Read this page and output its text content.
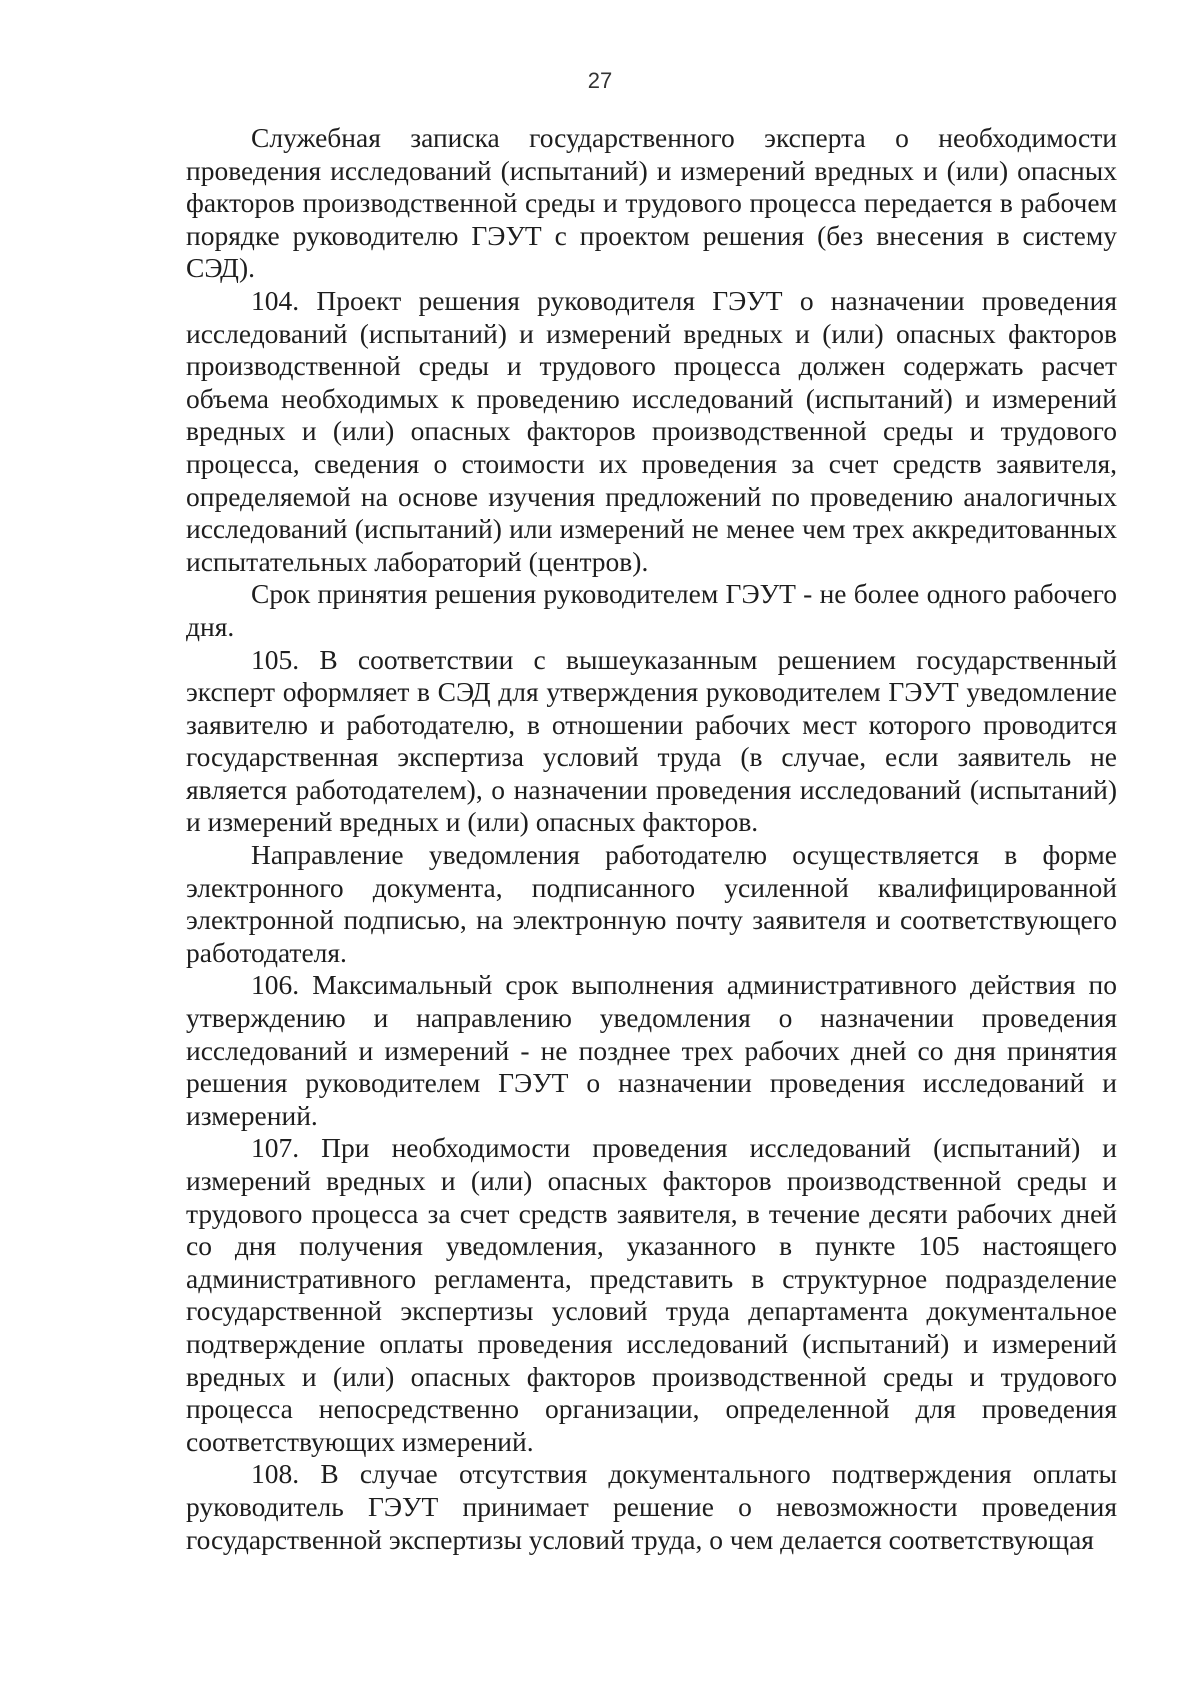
27

Служебная записка государственного эксперта о необходимости проведения исследований (испытаний) и измерений вредных и (или) опасных факторов производственной среды и трудового процесса передается в рабочем порядке руководителю ГЭУТ с проектом решения (без внесения в систему СЭД).

104. Проект решения руководителя ГЭУТ о назначении проведения исследований (испытаний) и измерений вредных и (или) опасных факторов производственной среды и трудового процесса должен содержать расчет объема необходимых к проведению исследований (испытаний) и измерений вредных и (или) опасных факторов производственной среды и трудового процесса, сведения о стоимости их проведения за счет средств заявителя, определяемой на основе изучения предложений по проведению аналогичных исследований (испытаний) или измерений не менее чем трех аккредитованных испытательных лабораторий (центров).

Срок принятия решения руководителем ГЭУТ - не более одного рабочего дня.

105. В соответствии с вышеуказанным решением государственный эксперт оформляет в СЭД для утверждения руководителем ГЭУТ уведомление заявителю и работодателю, в отношении рабочих мест которого проводится государственная экспертиза условий труда (в случае, если заявитель не является работодателем), о назначении проведения исследований (испытаний) и измерений вредных и (или) опасных факторов.

Направление уведомления работодателю осуществляется в форме электронного документа, подписанного усиленной квалифицированной электронной подписью, на электронную почту заявителя и соответствующего работодателя.

106. Максимальный срок выполнения административного действия по утверждению и направлению уведомления о назначении проведения исследований и измерений - не позднее трех рабочих дней со дня принятия решения руководителем ГЭУТ о назначении проведения исследований и измерений.

107. При необходимости проведения исследований (испытаний) и измерений вредных и (или) опасных факторов производственной среды и трудового процесса за счет средств заявителя, в течение десяти рабочих дней со дня получения уведомления, указанного в пункте 105 настоящего административного регламента, представить в структурное подразделение государственной экспертизы условий труда департамента документальное подтверждение оплаты проведения исследований (испытаний) и измерений вредных и (или) опасных факторов производственной среды и трудового процесса непосредственно организации, определенной для проведения соответствующих измерений.

108. В случае отсутствия документального подтверждения оплаты руководитель ГЭУТ принимает решение о невозможности проведения государственной экспертизы условий труда, о чем делается соответствующая
